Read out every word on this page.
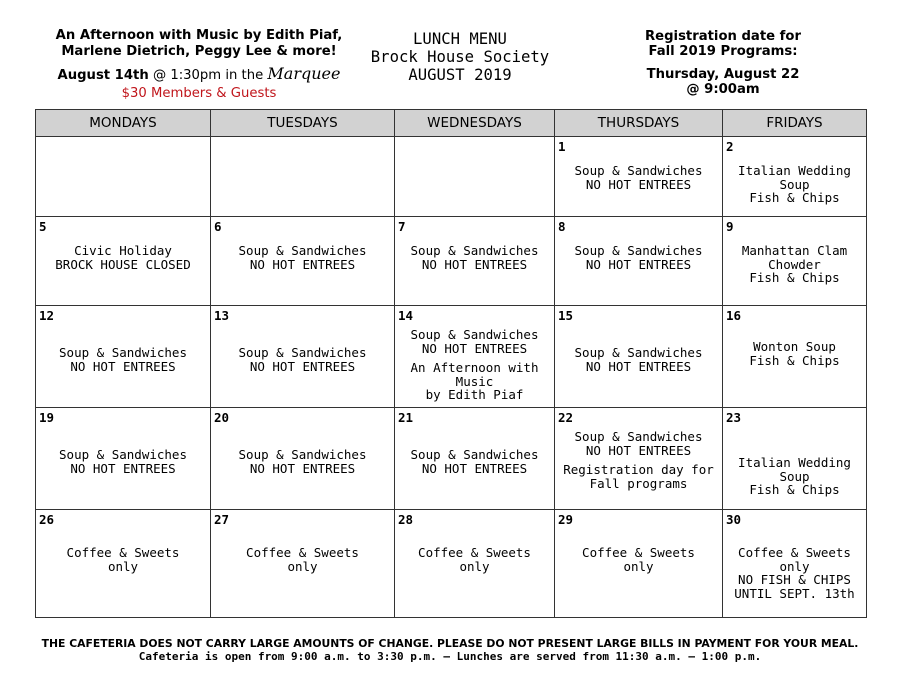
An Afternoon with Music by Edith Piaf,
Marlene Dietrich, Peggy Lee & more!
August 14th @ 1:30pm in the Marquee
$30 Members & Guests
LUNCH MENU
Brock House Society
AUGUST 2019
Registration date for
Fall 2019 Programs:
Thursday, August 22
@ 9:00am
MONDAYS	TUESDAYS	WEDNESDAYS	THURSDAYS	FRIDAYS

			1
Soup & Sandwiches
NO HOT ENTREES	2
Italian Wedding Soup
Fish & Chips

5
Civic Holiday
BROCK HOUSE CLOSED	6
Soup & Sandwiches
NO HOT ENTREES	7
Soup & Sandwiches
NO HOT ENTREES	8
Soup & Sandwiches
NO HOT ENTREES	9
Manhattan Clam
Chowder
Fish & Chips

12
Soup & Sandwiches
NO HOT ENTREES	13
Soup & Sandwiches
NO HOT ENTREES	14
Soup & Sandwiches
NO HOT ENTREES
An Afternoon with Music
by Edith Piaf	15
Soup & Sandwiches
NO HOT ENTREES	16
Wonton Soup
Fish & Chips

19
Soup & Sandwiches
NO HOT ENTREES	20
Soup & Sandwiches
NO HOT ENTREES	21
Soup & Sandwiches
NO HOT ENTREES	22
Soup & Sandwiches
NO HOT ENTREES
Registration day for
Fall programs	23
Italian Wedding Soup
Fish & Chips

26
Coffee & Sweets
only	27
Coffee & Sweets
only	28
Coffee & Sweets
only	29
Coffee & Sweets
only	30
Coffee & Sweets only
NO FISH & CHIPS
UNTIL SEPT. 13th
THE CAFETERIA DOES NOT CARRY LARGE AMOUNTS OF CHANGE. PLEASE DO NOT PRESENT LARGE BILLS IN PAYMENT FOR YOUR MEAL.
Cafeteria is open from 9:00 a.m. to 3:30 p.m. – Lunches are served from 11:30 a.m. – 1:00 p.m.
